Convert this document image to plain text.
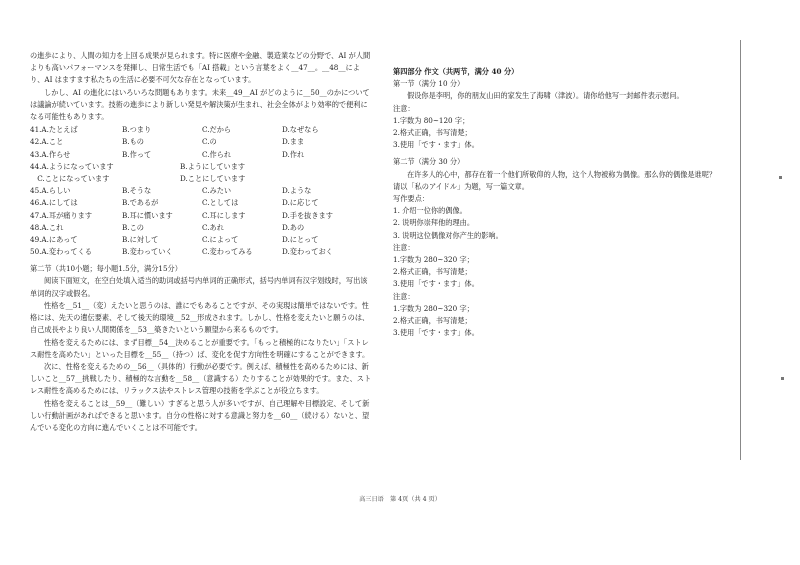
の進歩により、人間の知力を上回る成果が見られます。特に医療や金融、製造業などの分野で、AI が人間よりも高いパフォーマンスを発揮し、日常生活でも「AI 搭載」という言葉をよく__47__。__48__により、AI はますます私たちの生活に必要不可欠な存在となっています。

しかし、AI の進化にはいろいろな問題もあります。未来__49__AI がどのように__50__のかについては議論が続いています。技術の進歩により新しい発見や解決策が生まれ、社会全体がより効率的で便利になる可能性もあります。

41.A.たとえば	B.つまり	C.だから	D.なぜなら
42.A.こと	B.もの	C.の	D.まま
43.A.作らせ	B.作って	C.作られ	D.作れ
44.A.ようになっています	B.ようにしています
　C.ことになっています	D.ことにしています
45.A.らしい	B.そうな	C.みたい	D.ような
46.A.にしては	B.であるが	C.としては	D.に応じて
47.A.耳が痛ります	B.耳に慣います	C.耳にします	D.手を抜きます
48.A.これ	B.この	C.あれ	D.あの
49.A.にあって	B.に対して	C.によって	D.にとって
50.A.変わってくる	B.変わっていく	C.変わってみる	D.変わっておく

第二节（共10小题；每小题1.5分，满分15分）

阅读下面短文，在空白处填入适当的助词或括号内单词的正确形式，括号内单词有汉字划线时，写出该单词的汉字或假名。

性格を__51__（変）えたいと思うのは、誰にでもあることですが、その実現は簡単ではないです。性格には、先天の遺伝要素、そして後天的環境__52__形成されます。しかし、性格を変えたいと願うのは、自己成長やより良い人間関係を__53__築きたいという願望から来るものです。

性格を変えるためには、まず目標__54__決めることが重要です。「もっと積極的になりたい」「ストレス耐性を高めたい」といった目標を__55__（持つ）ば、変化を促す方向性を明確にすることができます。

次に、性格を変えるための__56__（具体的）行動が必要です。例えば、積極性を高めるためには、新しいこと__57__挑戦したり、積極的な言動を__58__（意識する）たりすることが効果的です。また、ストレス耐性を高めるためには、リラックス法やストレス管理の技術を学ぶことが役立ちます。

性格を変えることは__59__（難しい）すぎると思う人が多いですが、自己理解や目標設定、そして新しい行動計画があればできると思います。自分の性格に対する意識と努力を__60__（続ける）ないと、望んでいる変化の方向に進んでいくことは不可能です。

第四部分 作文（共两节，满分 40 分）

第一节（满分 10 分）

假设你是李明，你的朋友山田的家发生了海啸（津波）。请你给他写一封邮件表示慰问。

注意：

1.字数为 80~120 字；

2.格式正确，书写清楚；

3.使用「です・ます」体。

第二节（满分 30 分）

在许多人的心中，都存在着一个他们所敬仰的人物，这个人物被称为偶像。那么你的偶像是谁呢？

请以「私のアイドル」为题，写一篇文章。

写作要点：

1. 介绍一位你的偶像。

2. 说明你崇拜他的理由。

3. 说明这位偶像对你产生的影响。

注意：

1.字数为 280~320 字；

2.格式正确，书写清楚；

3.使用「です・ます」体。

注意：

1.字数为 280~320 字；

2.格式正确，书写清楚；

3.使用「です・ます」体。

高三日语　第 4页（共 4 页）
